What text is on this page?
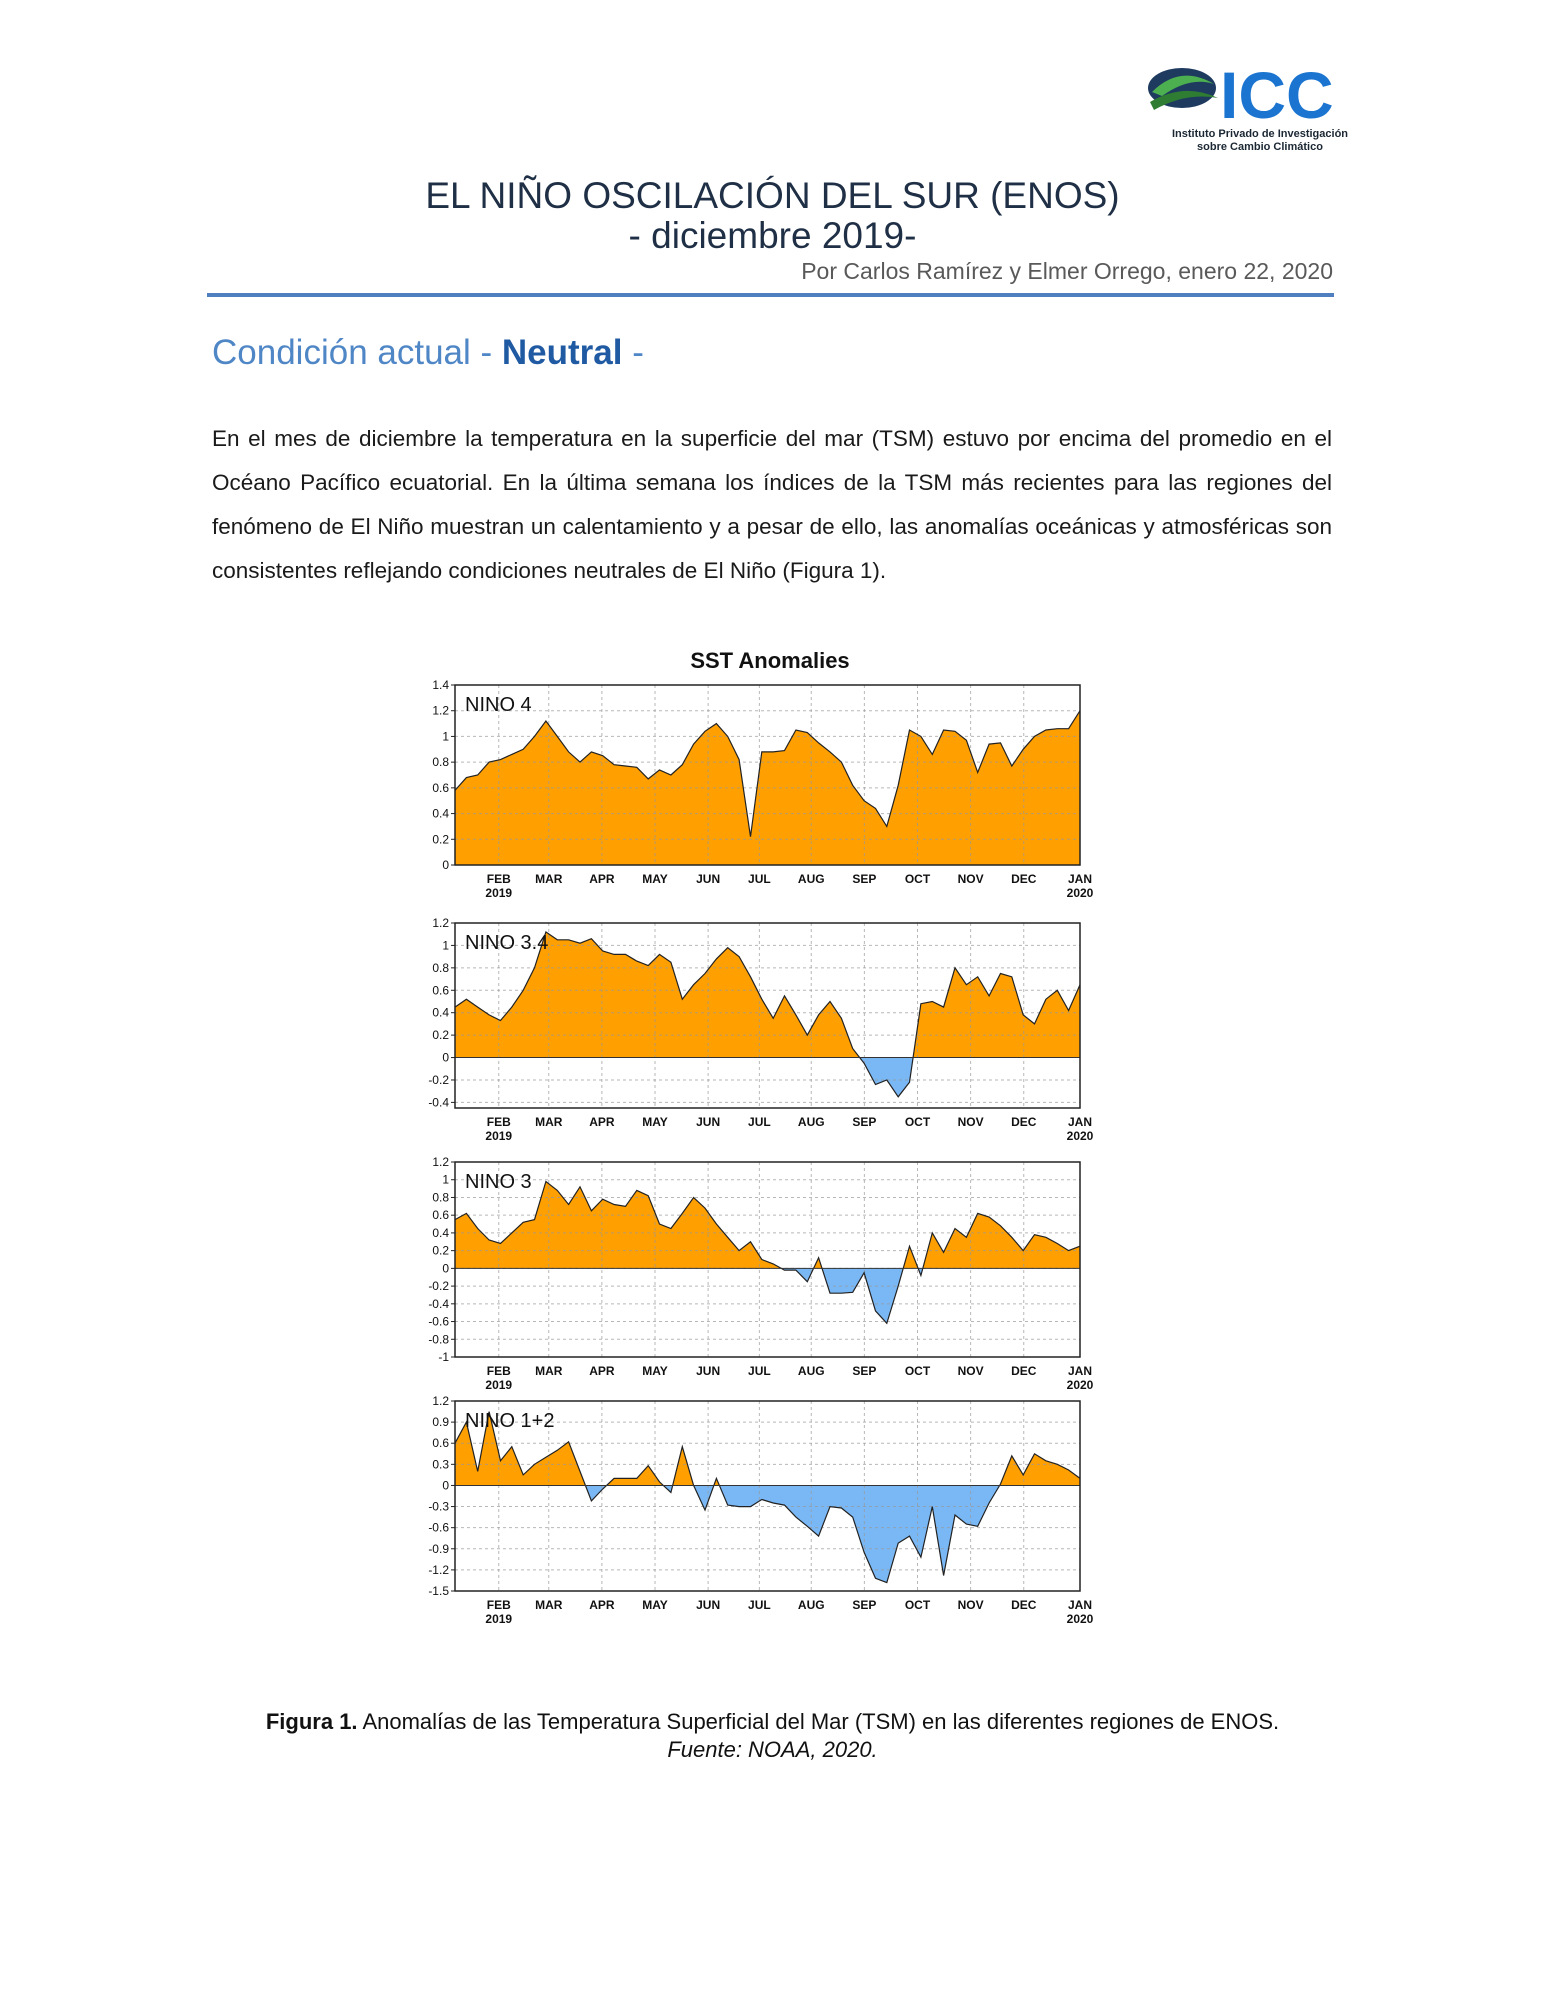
ICC
Instituto Privado de Investigación
sobre Cambio Climático
EL NIÑO OSCILACIÓN DEL SUR (ENOS)
- diciembre 2019-
Por Carlos Ramírez y Elmer Orrego, enero 22, 2020
Condición actual - Neutral -
En el mes de diciembre la temperatura en la superficie del mar (TSM) estuvo por encima del promedio en el Océano Pacífico ecuatorial. En la última semana los índices de la TSM más recientes para las regiones del fenómeno de El Niño muestran un calentamiento y a pesar de ello, las anomalías oceánicas y atmosféricas son consistentes reflejando condiciones neutrales de El Niño (Figura 1).
SST Anomalies
0
0.2
0.4
0.6
0.8
1
1.2
1.4
NINO 4
FEB
2019
MAR APR MAY JUN JUL AUG SEP OCT NOV DEC	JAN
2020
-0.4
-0.2
0
0.2
0.4
0.6
0.8
1
1.2
NINO 3.4
FEB
2019
MAR APR MAY JUN JUL AUG SEP OCT NOV DEC	JAN
2020
-1
-0.8
-0.6
-0.4
-0.2
0
0.2
0.4
0.6
0.8
1
1.2
NINO 3
FEB
2019
MAR APR MAY JUN JUL AUG SEP OCT NOV DEC	JAN
2020
-1.5
-1.2
-0.9
-0.6
-0.3
0
0.3
0.6
0.9
1.2
NINO 1+2
FEB
2019
MAR APR MAY JUN JUL AUG SEP OCT NOV DEC	JAN
2020
Figura 1. Anomalías de las Temperatura Superficial del Mar (TSM) en las diferentes regiones de ENOS.
Fuente: NOAA, 2020.
